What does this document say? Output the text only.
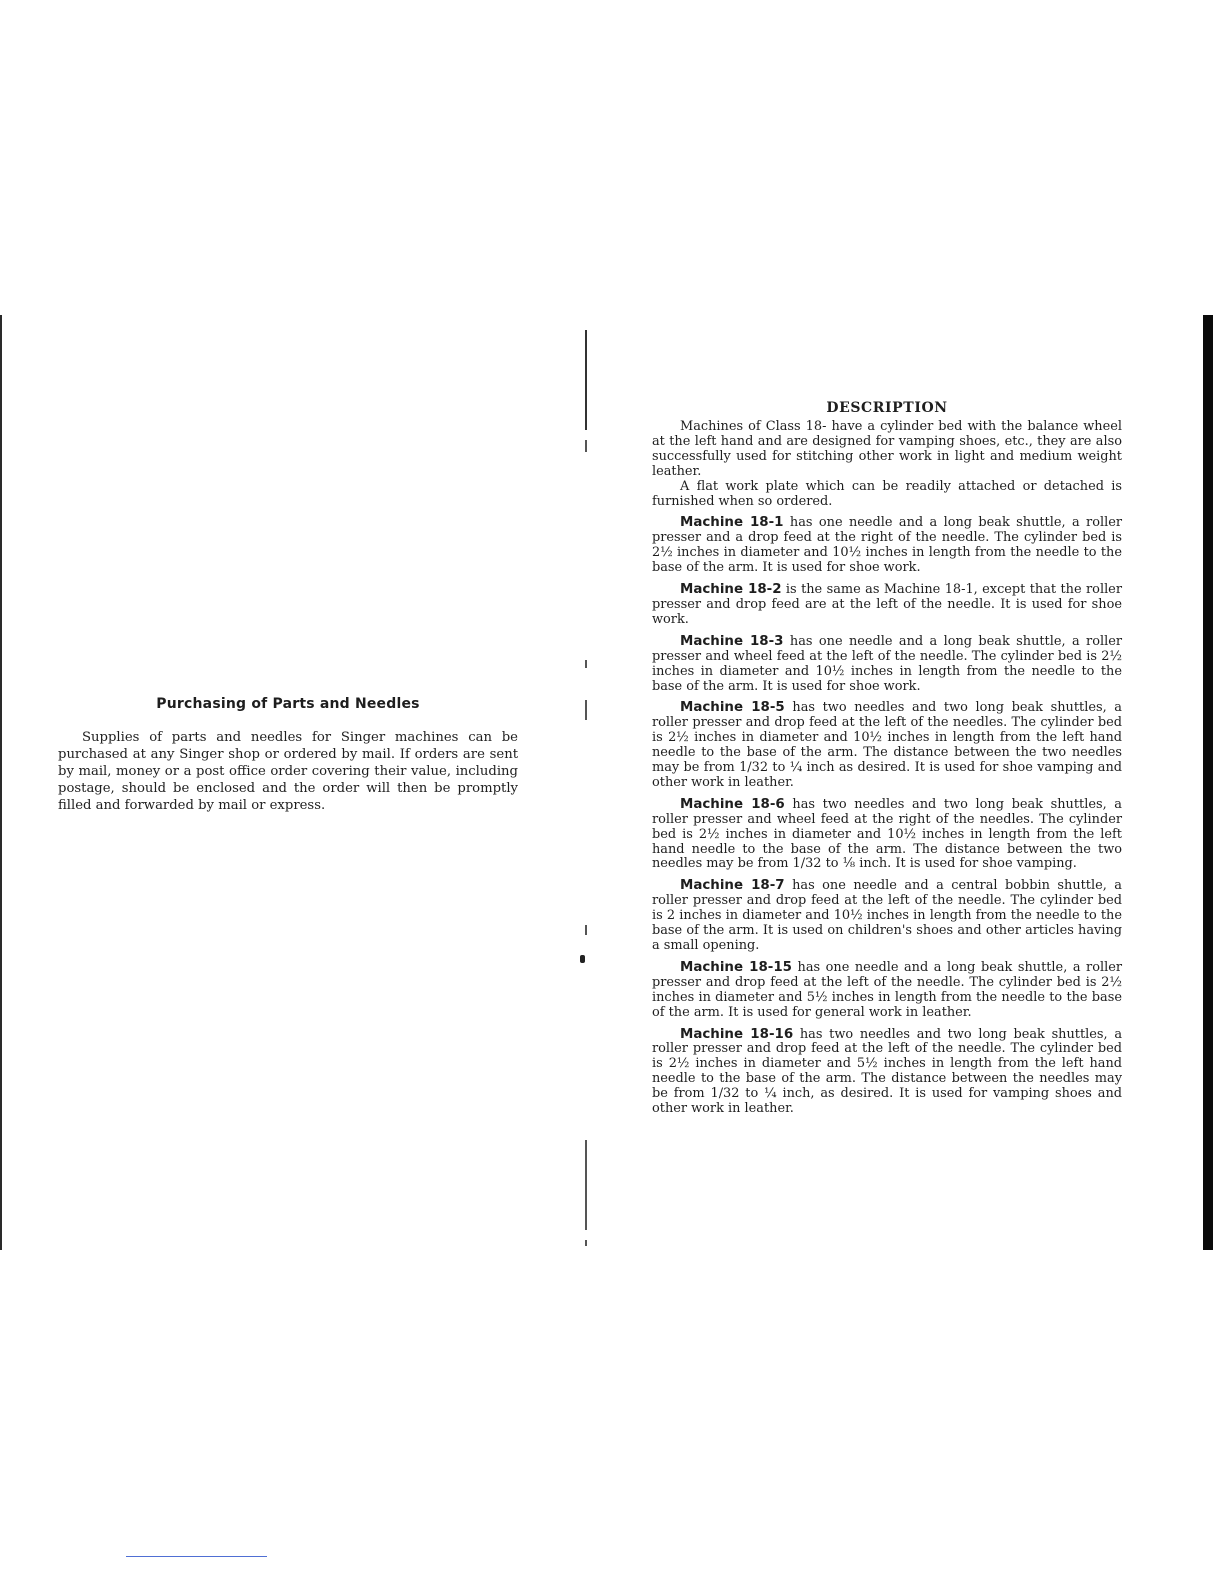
Purchasing of Parts and Needles

Supplies of parts and needles for Singer machines can be purchased at any Singer shop or ordered by mail. If orders are sent by mail, money or a post office order covering their value, including postage, should be enclosed and the order will then be promptly filled and forwarded by mail or express.

DESCRIPTION

Machines of Class 18- have a cylinder bed with the balance wheel at the left hand and are designed for vamping shoes, etc., they are also successfully used for stitching other work in light and medium weight leather.

A flat work plate which can be readily attached or detached is furnished when so ordered.

Machine 18-1 has one needle and a long beak shuttle, a roller presser and a drop feed at the right of the needle. The cylinder bed is 2½ inches in diameter and 10½ inches in length from the needle to the base of the arm. It is used for shoe work.

Machine 18-2 is the same as Machine 18-1, except that the roller presser and drop feed are at the left of the needle. It is used for shoe work.

Machine 18-3 has one needle and a long beak shuttle, a roller presser and wheel feed at the left of the needle. The cylinder bed is 2½ inches in diameter and 10½ inches in length from the needle to the base of the arm. It is used for shoe work.

Machine 18-5 has two needles and two long beak shuttles, a roller presser and drop feed at the left of the needles. The cylinder bed is 2½ inches in diameter and 10½ inches in length from the left hand needle to the base of the arm. The distance between the two needles may be from 1/32 to ¼ inch as desired. It is used for shoe vamping and other work in leather.

Machine 18-6 has two needles and two long beak shuttles, a roller presser and wheel feed at the right of the needles. The cylinder bed is 2½ inches in diameter and 10½ inches in length from the left hand needle to the base of the arm. The distance between the two needles may be from 1/32 to ⅛ inch. It is used for shoe vamping.

Machine 18-7 has one needle and a central bobbin shuttle, a roller presser and drop feed at the left of the needle. The cylinder bed is 2 inches in diameter and 10½ inches in length from the needle to the base of the arm. It is used on children's shoes and other articles having a small opening.

Machine 18-15 has one needle and a long beak shuttle, a roller presser and drop feed at the left of the needle. The cylinder bed is 2½ inches in diameter and 5½ inches in length from the needle to the base of the arm. It is used for general work in leather.

Machine 18-16 has two needles and two long beak shuttles, a roller presser and drop feed at the left of the needle. The cylinder bed is 2½ inches in diameter and 5½ inches in length from the left hand needle to the base of the arm. The distance between the needles may be from 1/32 to ¼ inch, as desired. It is used for vamping shoes and other work in leather.
